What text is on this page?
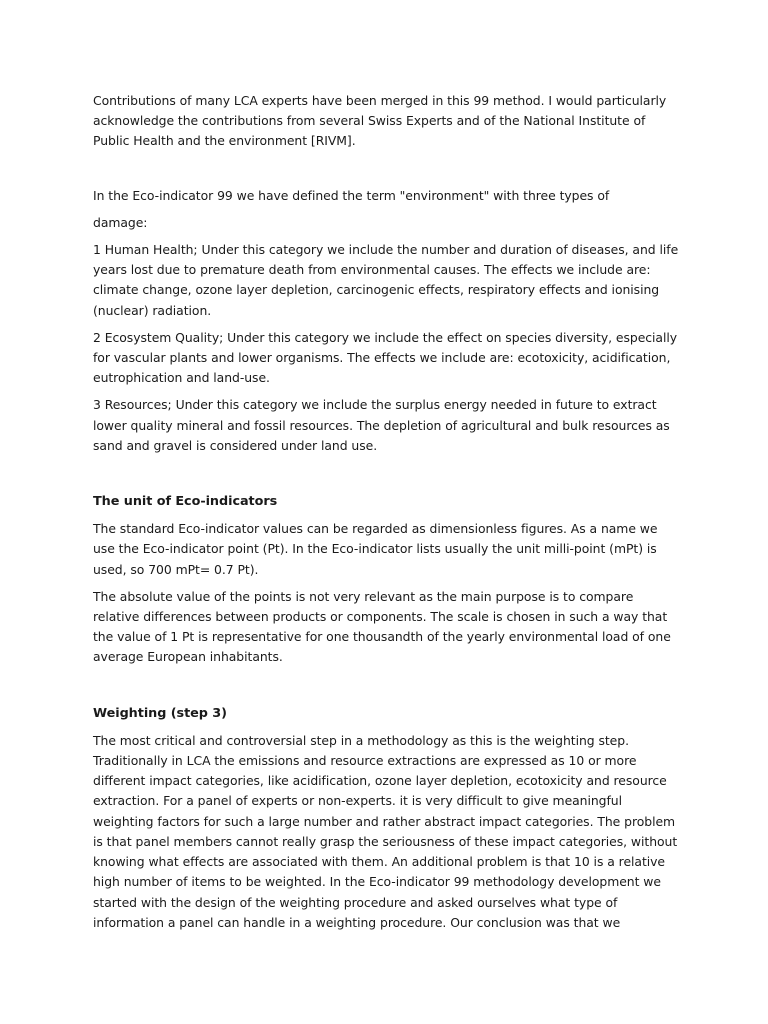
Contributions of many LCA experts have been merged in this 99 method. I would particularly acknowledge the contributions from several Swiss Experts and of the National Institute of Public Health and the environment [RIVM].

In the Eco-indicator 99 we have defined the term "environment" with three types of

damage:

1 Human Health; Under this category we include the number and duration of diseases, and life years lost due to premature death from environmental causes. The effects we include are: climate change, ozone layer depletion, carcinogenic effects, respiratory effects and ionising (nuclear) radiation.

2 Ecosystem Quality; Under this category we include the effect on species diversity, especially for vascular plants and lower organisms. The effects we include are: ecotoxicity, acidification, eutrophication and land-use.

3 Resources; Under this category we include the surplus energy needed in future to extract lower quality mineral and fossil resources. The depletion of agricultural and bulk resources as sand and gravel is considered under land use.

The unit of Eco-indicators

The standard Eco-indicator values can be regarded as dimensionless figures. As a name we use the Eco-indicator point (Pt). In the Eco-indicator lists usually the unit milli-point (mPt) is used, so 700 mPt= 0.7 Pt).

The absolute value of the points is not very relevant as the main purpose is to compare relative differences between products or components. The scale is chosen in such a way that the value of 1 Pt is representative for one thousandth of the yearly environmental load of one average European inhabitants.

Weighting (step 3)

The most critical and controversial step in a methodology as this is the weighting step. Traditionally in LCA the emissions and resource extractions are expressed as 10 or more different impact categories, like acidification, ozone layer depletion, ecotoxicity and resource extraction. For a panel of experts or non-experts. it is very difficult to give meaningful weighting factors for such a large number and rather abstract impact categories. The problem is that panel members cannot really grasp the seriousness of these impact categories, without knowing what effects are associated with them. An additional problem is that 10 is a relative high number of items to be weighted. In the Eco-indicator 99 methodology development we started with the design of the weighting procedure and asked ourselves what type of information a panel can handle in a weighting procedure. Our conclusion was that we
